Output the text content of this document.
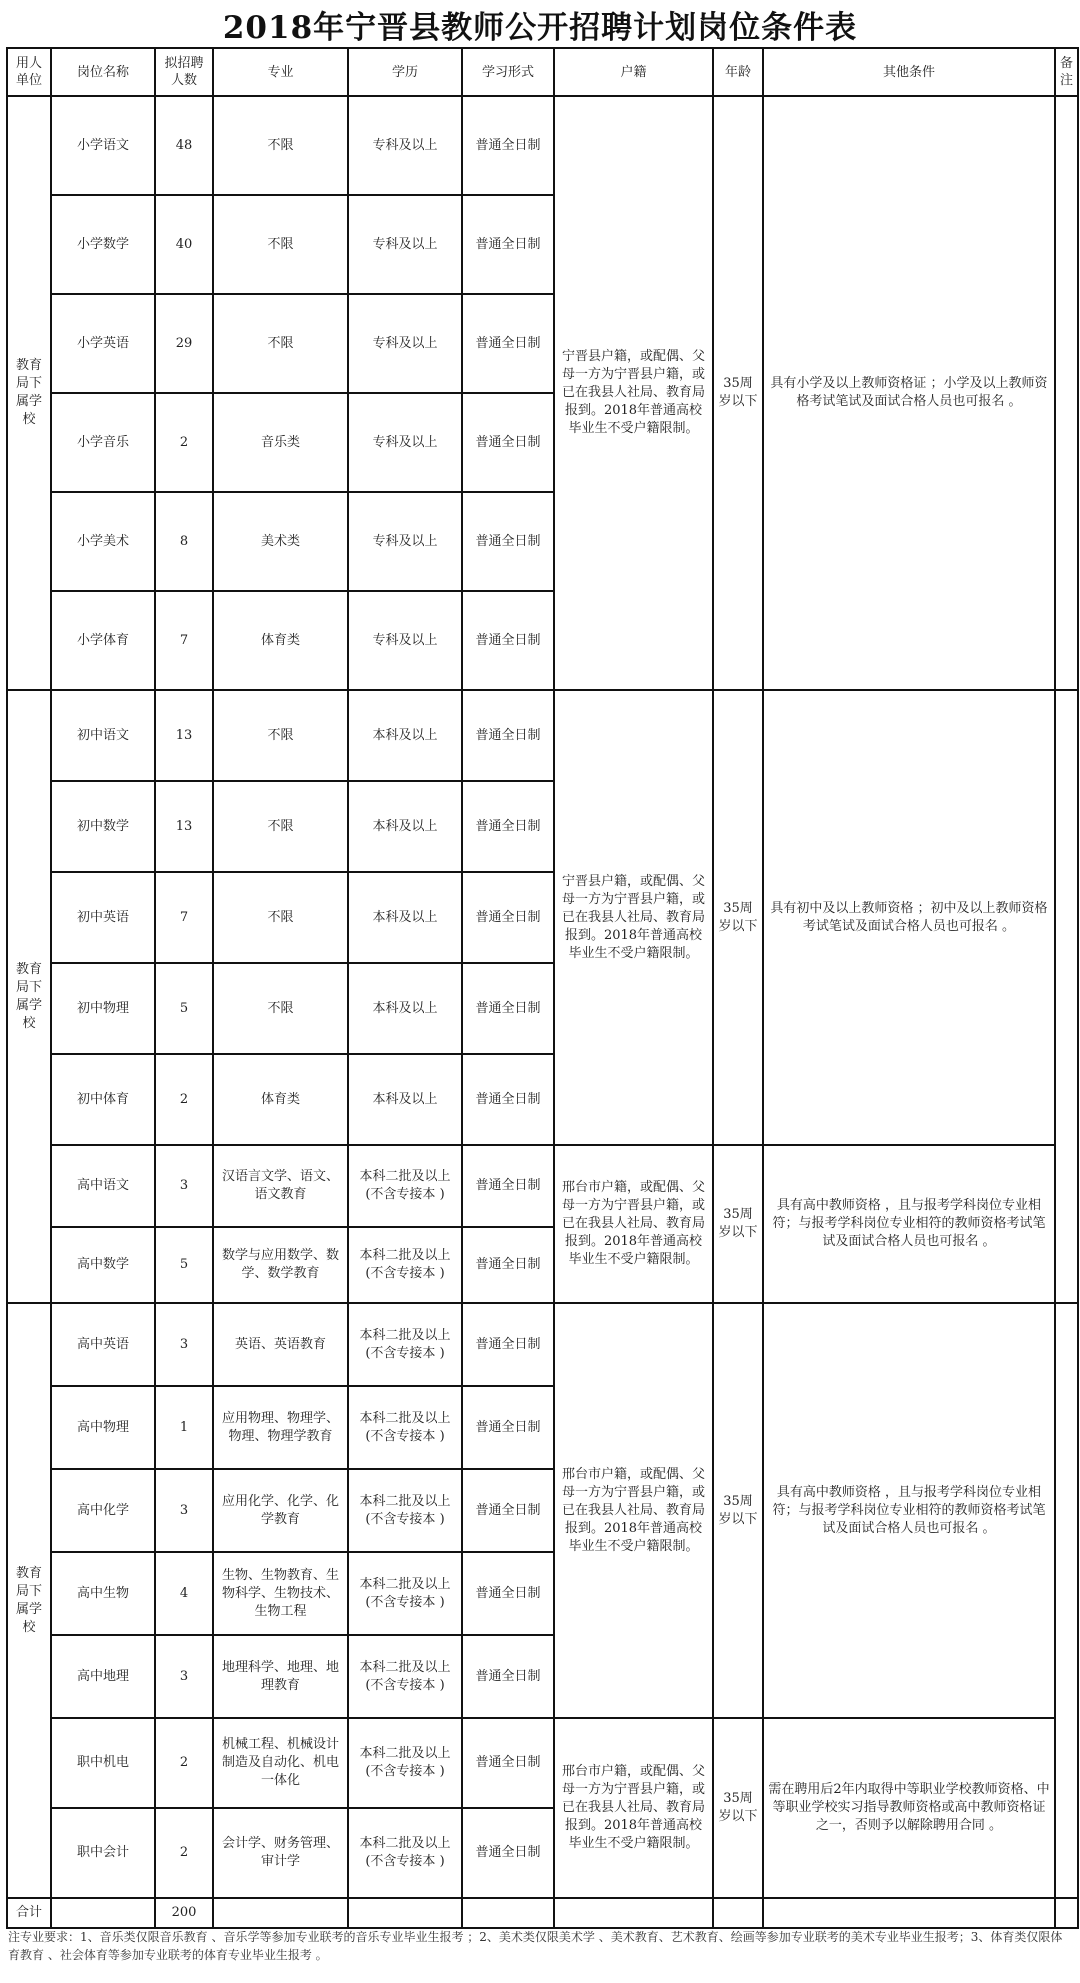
2018年宁晋县教师公开招聘计划岗位条件表
用人单位	岗位名称	拟招聘人数	专业	学历	学习形式	户籍	年龄	其他条件	备注
教育局下属学校	小学语文	48	不限	专科及以上	普通全日制	宁晋县户籍，或配偶、父母一方为宁晋县户籍，或已在我县人社局、教育局报到。2018年普通高校毕业生不受户籍限制。	35周岁以下	具有小学及以上教师资格证 ；小学及以上教师资格考试笔试及面试合格人员也可报名 。	
	小学数学	40	不限	专科及以上	普通全日制				
	小学英语	29	不限	专科及以上	普通全日制				
	小学音乐	2	音乐类	专科及以上	普通全日制				
	小学美术	8	美术类	专科及以上	普通全日制				
	小学体育	7	体育类	专科及以上	普通全日制				
教育局下属学校	初中语文	13	不限	本科及以上	普通全日制	宁晋县户籍，或配偶、父母一方为宁晋县户籍，或已在我县人社局、教育局报到。2018年普通高校毕业生不受户籍限制。	35周岁以下	具有初中及以上教师资格 ；初中及以上教师资格考试笔试及面试合格人员也可报名 。	
	初中数学	13	不限	本科及以上	普通全日制				
	初中英语	7	不限	本科及以上	普通全日制				
	初中物理	5	不限	本科及以上	普通全日制				
	初中体育	2	体育类	本科及以上	普通全日制				
	高中语文	3	汉语言文学、语文、语文教育	本科二批及以上(不含专接本 )	普通全日制	邢台市户籍，或配偶、父母一方为宁晋县户籍，或已在我县人社局、教育局报到。2018年普通高校毕业生不受户籍限制。	35周岁以下	具有高中教师资格 ，且与报考学科岗位专业相符；与报考学科岗位专业相符的教师资格考试笔试及面试合格人员也可报名 。	
	高中数学	5	数学与应用数学、数学、数学教育	本科二批及以上(不含专接本 )	普通全日制				
教育局下属学校	高中英语	3	英语、英语教育	本科二批及以上(不含专接本 )	普通全日制	邢台市户籍，或配偶、父母一方为宁晋县户籍，或已在我县人社局、教育局报到。2018年普通高校毕业生不受户籍限制。	35周岁以下	具有高中教师资格 ，且与报考学科岗位专业相符；与报考学科岗位专业相符的教师资格考试笔试及面试合格人员也可报名 。	
	高中物理	1	应用物理、物理学、物理、物理学教育	本科二批及以上(不含专接本 )	普通全日制				
	高中化学	3	应用化学、化学、化学教育	本科二批及以上(不含专接本 )	普通全日制				
	高中生物	4	生物、生物教育、生物科学、生物技术、生物工程	本科二批及以上(不含专接本 )	普通全日制				
	高中地理	3	地理科学、地理、地理教育	本科二批及以上(不含专接本 )	普通全日制				
	职中机电	2	机械工程、机械设计制造及自动化、机电一体化	本科二批及以上(不含专接本 )	普通全日制	邢台市户籍，或配偶、父母一方为宁晋县户籍，或已在我县人社局、教育局报到。2018年普通高校毕业生不受户籍限制。	35周岁以下	需在聘用后2年内取得中等职业学校教师资格、中等职业学校实习指导教师资格或高中教师资格证之一，否则予以解除聘用合同 。	
	职中会计	2	会计学、财务管理、审计学	本科二批及以上(不含专接本 )	普通全日制				
合计		200							
注专业要求：1、音乐类仅限音乐教育 、音乐学等参加专业联考的音乐专业毕业生报考 ；2、美术类仅限美术学 、美术教育、艺术教育、绘画等参加专业联考的美术专业毕业生报考；3、体育类仅限体育教育 、社会体育等参加专业联考的体育专业毕业生报考 。
